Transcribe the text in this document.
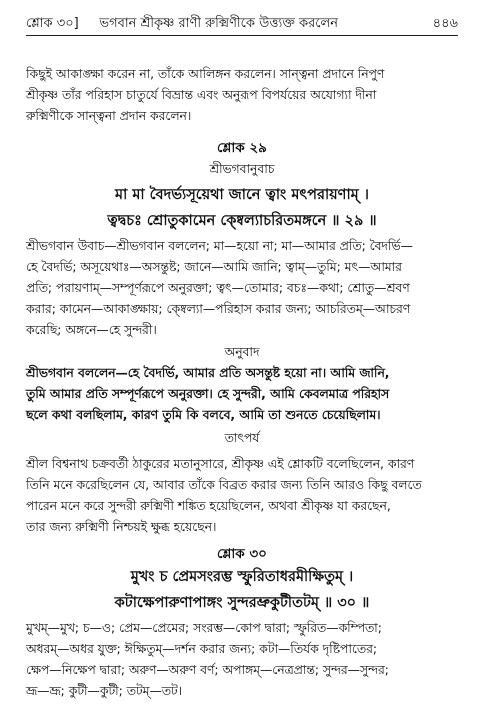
শ্লোক ৩০]     ভগবান শ্রীকৃষ্ণ রাণী রুক্মিণীকে উত্ত্যক্ত করলেন	৪৪৬
কিছুই আকাঙ্ক্ষা করেন না, তাঁকে আলিঙ্গন করলেন। সান্ত্বনা প্রদানে নিপুণ
শ্রীকৃষ্ণ তাঁর পরিহাস চাতুর্যে বিভ্রান্ত এবং অনুরূপ বিপর্যয়ের অযোগ্যা দীনা
রুক্মিণীকে সান্ত্বনা প্রদান করলেন।
শ্লোক ২৯
শ্রীভগবানুবাচ
মা মা বৈদর্ভ্যসূয়েথা জানে ত্বাং মৎপরায়ণাম্ ।
ত্বদ্বচঃ শ্রোতুকামেন ক্ষ্বেল্যাচরিতমঙ্গনে ॥ ২৯ ॥
শ্রীভগবান উবাচ—শ্রীভগবান বললেন; মা—হয়ো না; মা—আমার প্রতি; বৈদর্ভি—
হে বৈদর্ভি; অসূয়েথাঃ—অসন্তুষ্ট; জানে—আমি জানি; ত্বাম্—তুমি; মৎ—আমার
প্রতি; পরায়ণাম্—সম্পূর্ণরূপে অনুরক্তা; ত্বৎ—তোমার; বচঃ—কথা; শ্রোতু—শ্রবণ
করার; কামেন—আকাঙ্ক্ষায়; ক্ষ্বেল্যা—পরিহাস করার জন্য; আচরিতম্—আচরণ
করেছি; অঙ্গনে—হে সুন্দরী।
অনুবাদ
শ্রীভগবান বললেন—হে বৈদর্ভি, আমার প্রতি অসন্তুষ্ট হয়ো না। আমি জানি,
তুমি আমার প্রতি সম্পূর্ণরূপে অনুরক্তা। হে সুন্দরী, আমি কেবলমাত্র পরিহাস
ছলে কথা বলছিলাম, কারণ তুমি কি বলবে, আমি তা শুনতে চেয়েছিলাম।
তাৎপর্য
শ্রীল বিশ্বনাথ চক্রবর্তী ঠাকুরের মতানুসারে, শ্রীকৃষ্ণ এই শ্লোকটি বলেছিলেন, কারণ
তিনি মনে করেছিলেন যে, আবার তাঁকে বিব্রত করার জন্য তিনি আরও কিছু বলতে
পারেন মনে করে সুন্দরী রুক্মিণী শঙ্কিত হয়েছিলেন, অথবা শ্রীকৃষ্ণ যা করছেন,
তার জন্য রুক্মিণী নিশ্চয়ই ক্ষুব্ধ হয়েছেন।
শ্লোক ৩০
মুখং চ প্রেমসংরম্ভ স্ফুরিতাধরমীক্ষিতুম্ ।
কটাক্ষেপারুণাপাঙ্গং সুন্দরভ্রুকুটীতটম্ ॥ ৩০ ॥
মুখম্—মুখ; চ—ও; প্রেম—প্রেমের; সংরম্ভ—কোপ দ্বারা; স্ফুরিত—কম্পিতা;
অধরম্—অধর যুক্ত; ঈক্ষিতুম্—দর্শন করার জন্য; কটা—তির্যক দৃষ্টিপাতের;
ক্ষেপ—নিক্ষেপ দ্বারা; অরুণ—অরুণ বর্ণ; অপাঙ্গম্—নেত্রপ্রান্ত; সুন্দর—সুন্দর;
ভ্রূ—ভ্রূ; কুটী—কুটী; তটম্—তট।
